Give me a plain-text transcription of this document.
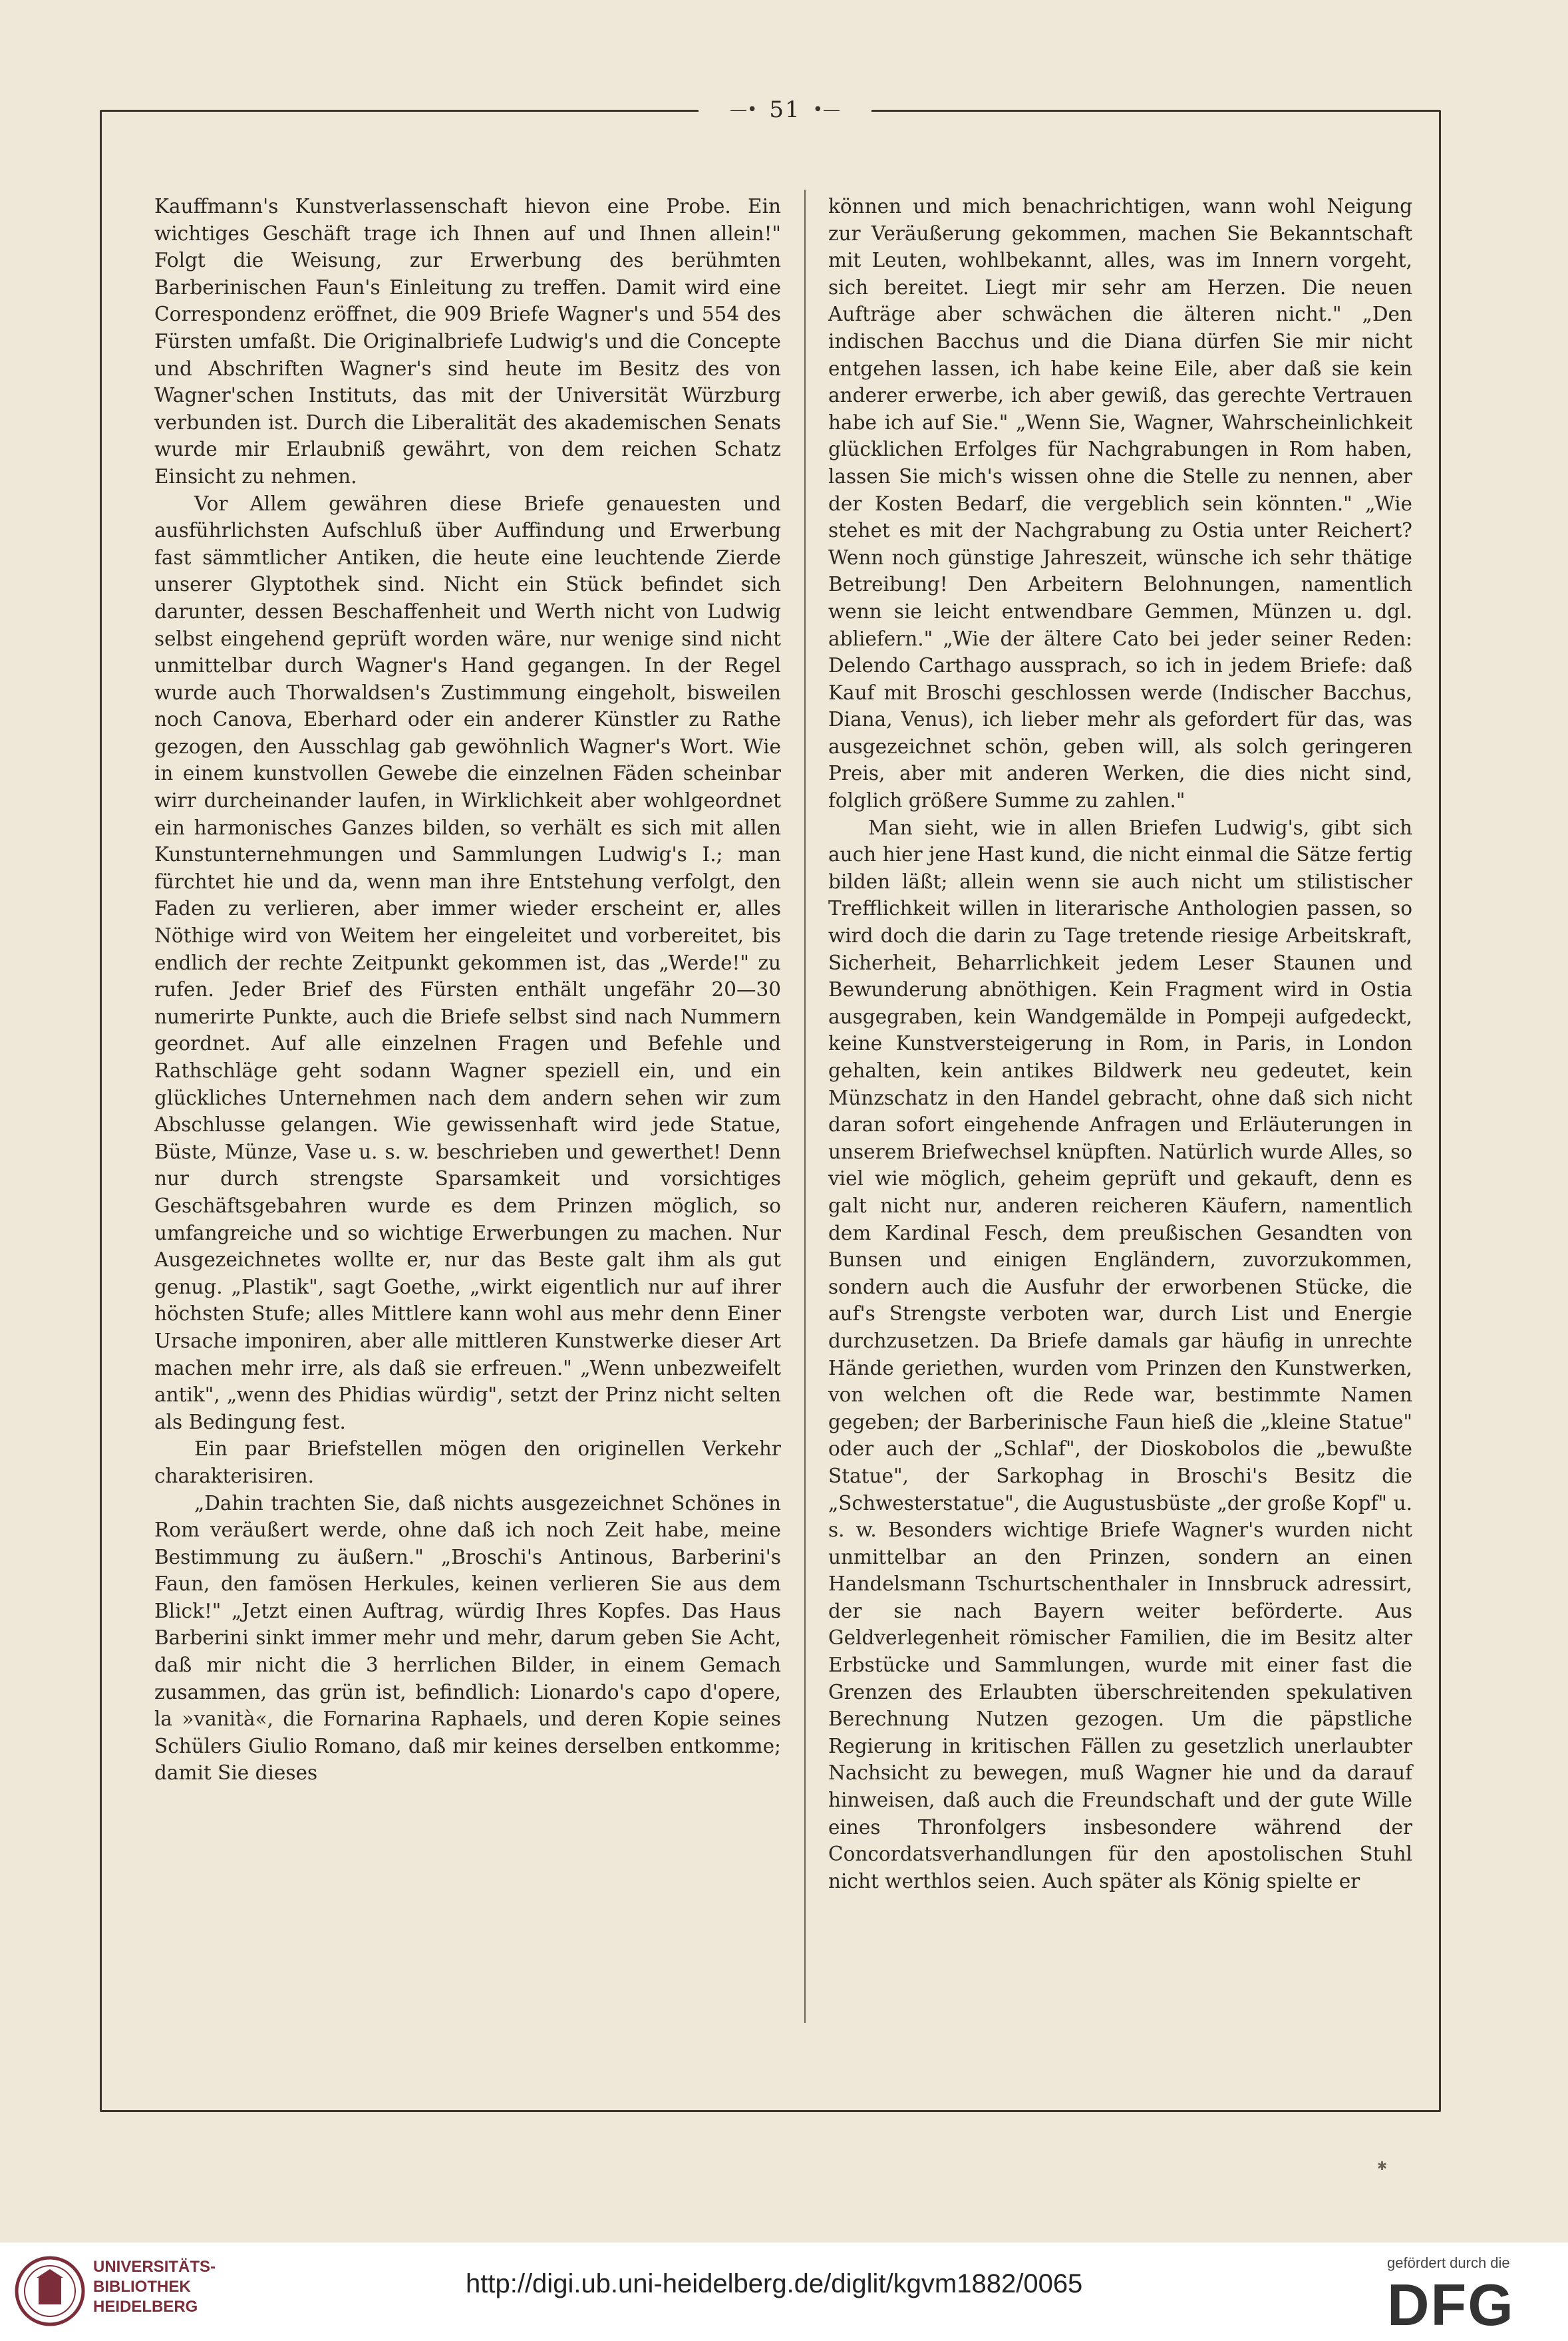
—• 51 •—

Kauffmann's Kunstverlassenschaft hievon eine Probe. Ein wichtiges Geschäft trage ich Ihnen auf und Ihnen allein!" Folgt die Weisung, zur Erwerbung des berühmten Barberinischen Faun's Einleitung zu treffen. Damit wird eine Correspondenz eröffnet, die 909 Briefe Wagner's und 554 des Fürsten umfaßt. Die Originalbriefe Ludwig's und die Concepte und Abschriften Wagner's sind heute im Besitz des von Wagner'schen Instituts, das mit der Universität Würzburg verbunden ist. Durch die Liberalität des akademischen Senats wurde mir Erlaubniß gewährt, von dem reichen Schatz Einsicht zu nehmen.

Vor Allem gewähren diese Briefe genauesten und ausführlichsten Aufschluß über Auffindung und Erwerbung fast sämmtlicher Antiken, die heute eine leuchtende Zierde unserer Glyptothek sind. Nicht ein Stück befindet sich darunter, dessen Beschaffenheit und Werth nicht von Ludwig selbst eingehend geprüft worden wäre, nur wenige sind nicht unmittelbar durch Wagner's Hand gegangen. In der Regel wurde auch Thorwaldsen's Zustimmung eingeholt, bisweilen noch Canova, Eberhard oder ein anderer Künstler zu Rathe gezogen, den Ausschlag gab gewöhnlich Wagner's Wort. Wie in einem kunstvollen Gewebe die einzelnen Fäden scheinbar wirr durcheinander laufen, in Wirklichkeit aber wohlgeordnet ein harmonisches Ganzes bilden, so verhält es sich mit allen Kunstunternehmungen und Sammlungen Ludwig's I.; man fürchtet hie und da, wenn man ihre Entstehung verfolgt, den Faden zu verlieren, aber immer wieder erscheint er, alles Nöthige wird von Weitem her eingeleitet und vorbereitet, bis endlich der rechte Zeitpunkt gekommen ist, das „Werde!" zu rufen. Jeder Brief des Fürsten enthält ungefähr 20—30 numerirte Punkte, auch die Briefe selbst sind nach Nummern geordnet. Auf alle einzelnen Fragen und Befehle und Rathschläge geht sodann Wagner speziell ein, und ein glückliches Unternehmen nach dem andern sehen wir zum Abschlusse gelangen. Wie gewissenhaft wird jede Statue, Büste, Münze, Vase u. s. w. beschrieben und gewerthet! Denn nur durch strengste Sparsamkeit und vorsichtiges Geschäftsgebahren wurde es dem Prinzen möglich, so umfangreiche und so wichtige Erwerbungen zu machen. Nur Ausgezeichnetes wollte er, nur das Beste galt ihm als gut genug. „Plastik", sagt Goethe, „wirkt eigentlich nur auf ihrer höchsten Stufe; alles Mittlere kann wohl aus mehr denn Einer Ursache imponiren, aber alle mittleren Kunstwerke dieser Art machen mehr irre, als daß sie erfreuen." „Wenn unbezweifelt antik", „wenn des Phidias würdig", setzt der Prinz nicht selten als Bedingung fest.

Ein paar Briefstellen mögen den originellen Verkehr charakterisiren.

„Dahin trachten Sie, daß nichts ausgezeichnet Schönes in Rom veräußert werde, ohne daß ich noch Zeit habe, meine Bestimmung zu äußern." „Broschi's Antinous, Barberini's Faun, den famösen Herkules, keinen verlieren Sie aus dem Blick!" „Jetzt einen Auftrag, würdig Ihres Kopfes. Das Haus Barberini sinkt immer mehr und mehr, darum geben Sie Acht, daß mir nicht die 3 herrlichen Bilder, in einem Gemach zusammen, das grün ist, befindlich: Lionardo's capo d'opere, la »vanità«, die Fornarina Raphaels, und deren Kopie seines Schülers Giulio Romano, daß mir keines derselben entkomme; damit Sie dieses

können und mich benachrichtigen, wann wohl Neigung zur Veräußerung gekommen, machen Sie Bekanntschaft mit Leuten, wohlbekannt, alles, was im Innern vorgeht, sich bereitet. Liegt mir sehr am Herzen. Die neuen Aufträge aber schwächen die älteren nicht." „Den indischen Bacchus und die Diana dürfen Sie mir nicht entgehen lassen, ich habe keine Eile, aber daß sie kein anderer erwerbe, ich aber gewiß, das gerechte Vertrauen habe ich auf Sie." „Wenn Sie, Wagner, Wahrscheinlichkeit glücklichen Erfolges für Nachgrabungen in Rom haben, lassen Sie mich's wissen ohne die Stelle zu nennen, aber der Kosten Bedarf, die vergeblich sein könnten." „Wie stehet es mit der Nachgrabung zu Ostia unter Reichert? Wenn noch günstige Jahreszeit, wünsche ich sehr thätige Betreibung! Den Arbeitern Belohnungen, namentlich wenn sie leicht entwendbare Gemmen, Münzen u. dgl. abliefern." „Wie der ältere Cato bei jeder seiner Reden: Delendo Carthago aussprach, so ich in jedem Briefe: daß Kauf mit Broschi geschlossen werde (Indischer Bacchus, Diana, Venus), ich lieber mehr als gefordert für das, was ausgezeichnet schön, geben will, als solch geringeren Preis, aber mit anderen Werken, die dies nicht sind, folglich größere Summe zu zahlen."

Man sieht, wie in allen Briefen Ludwig's, gibt sich auch hier jene Hast kund, die nicht einmal die Sätze fertig bilden läßt; allein wenn sie auch nicht um stilistischer Trefflichkeit willen in literarische Anthologien passen, so wird doch die darin zu Tage tretende riesige Arbeitskraft, Sicherheit, Beharrlichkeit jedem Leser Staunen und Bewunderung abnöthigen. Kein Fragment wird in Ostia ausgegraben, kein Wandgemälde in Pompeji aufgedeckt, keine Kunstversteigerung in Rom, in Paris, in London gehalten, kein antikes Bildwerk neu gedeutet, kein Münzschatz in den Handel gebracht, ohne daß sich nicht daran sofort eingehende Anfragen und Erläuterungen in unserem Briefwechsel knüpften. Natürlich wurde Alles, so viel wie möglich, geheim geprüft und gekauft, denn es galt nicht nur, anderen reicheren Käufern, namentlich dem Kardinal Fesch, dem preußischen Gesandten von Bunsen und einigen Engländern, zuvorzukommen, sondern auch die Ausfuhr der erworbenen Stücke, die auf's Strengste verboten war, durch List und Energie durchzusetzen. Da Briefe damals gar häufig in unrechte Hände geriethen, wurden vom Prinzen den Kunstwerken, von welchen oft die Rede war, bestimmte Namen gegeben; der Barberinische Faun hieß die „kleine Statue" oder auch der „Schlaf", der Dioskobolos die „bewußte Statue", der Sarkophag in Broschi's Besitz die „Schwesterstatue", die Augustusbüste „der große Kopf" u. s. w. Besonders wichtige Briefe Wagner's wurden nicht unmittelbar an den Prinzen, sondern an einen Handelsmann Tschurtschenthaler in Innsbruck adressirt, der sie nach Bayern weiter beförderte. Aus Geldverlegenheit römischer Familien, die im Besitz alter Erbstücke und Sammlungen, wurde mit einer fast die Grenzen des Erlaubten überschreitenden spekulativen Berechnung Nutzen gezogen. Um die päpstliche Regierung in kritischen Fällen zu gesetzlich unerlaubter Nachsicht zu bewegen, muß Wagner hie und da darauf hinweisen, daß auch die Freundschaft und der gute Wille eines Thronfolgers insbesondere während der Concordatsverhandlungen für den apostolischen Stuhl nicht werthlos seien. Auch später als König spielte er

✱
UNIVERSITÄTS-
BIBLIOTHEK
HEIDELBERG
http://digi.ub.uni-heidelberg.de/diglit/kgvm1882/0065
gefördert durch die
DFG
